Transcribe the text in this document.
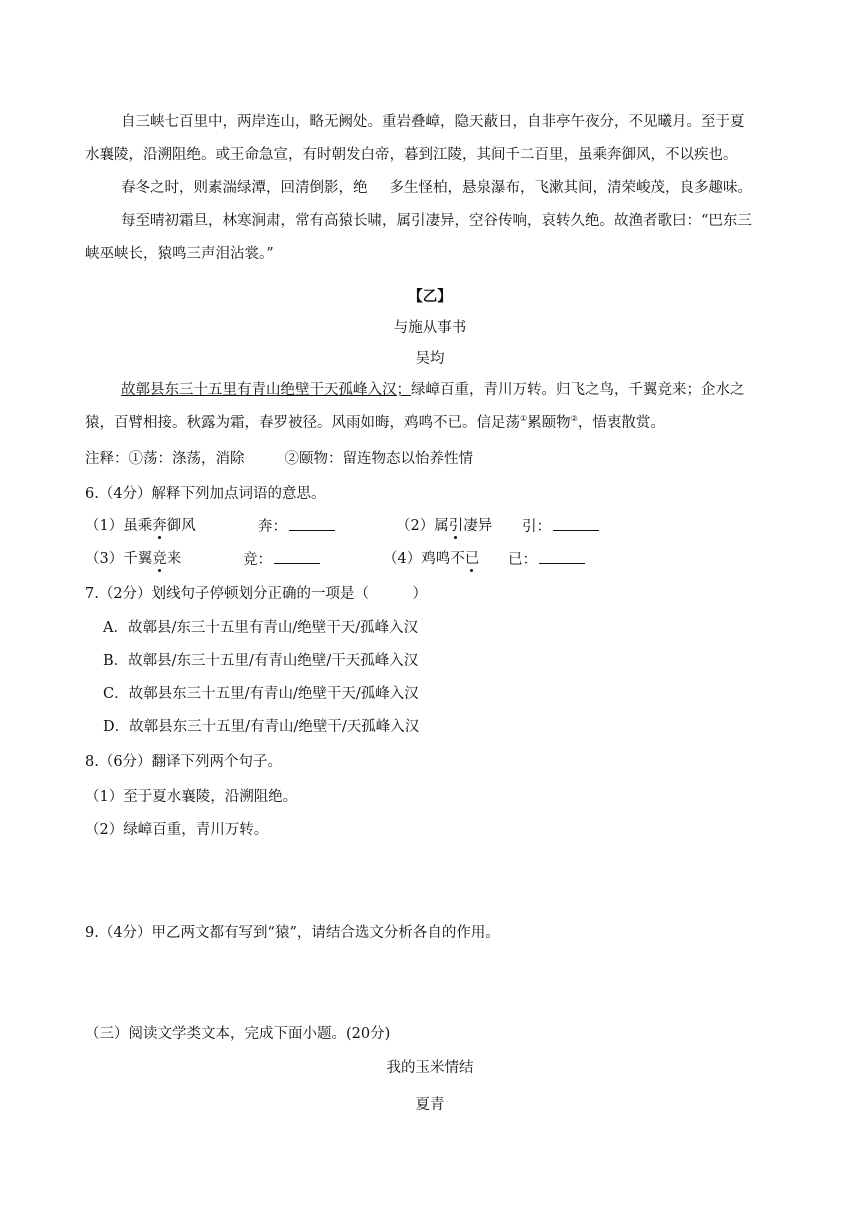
自三峡七百里中，两岸连山，略无阙处。重岩叠嶂，隐天蔽日，自非亭午夜分，不见曦月。至于夏
水襄陵，沿溯阻绝。或王命急宣，有时朝发白帝，暮到江陵，其间千二百里，虽乘奔御风，不以疾也。
春冬之时，则素湍绿潭，回清倒影，绝 多生怪柏，悬泉瀑布，飞漱其间，清荣峻茂，良多趣味。
每至晴初霜旦，林寒涧肃，常有高猿长啸，属引凄异，空谷传响，哀转久绝。故渔者歌曰：“巴东三
峡巫峡长，猿鸣三声泪沾裳。”
【乙】
与施从事书
吴均
故鄣县东三十五里有青山绝壁干天孤峰入汉；绿嶂百重，青川万转。归飞之鸟，千翼竞来；企水之
猿，百臂相接。秋露为霜，春罗被径。风雨如晦，鸡鸣不已。信足荡①累颐物②，悟衷散赏。
注释：①荡：涤荡，消除	②颐物：留连物态以怡养性情
6.（4分）解释下列加点词语的意思。
（1）虽乘奔御风	奔：	（2）属引凄异 引：
（3）千翼竞来	竞：	（4）鸡鸣不已 已：
7.（2分）划线句子停顿划分正确的一项是（　　　）
A．故鄣县/东三十五里有青山/绝壁干天/孤峰入汉
B．故鄣县/东三十五里/有青山绝壁/干天孤峰入汉
C．故鄣县东三十五里/有青山/绝壁干天/孤峰入汉
D．故鄣县东三十五里/有青山/绝壁干/天孤峰入汉
8.（6分）翻译下列两个句子。
（1）至于夏水襄陵，沿溯阻绝。
（2）绿嶂百重，青川万转。
9.（4分）甲乙两文都有写到“猿”，请结合选文分析各自的作用。
（三）阅读文学类文本，完成下面小题。(20分)
我的玉米情结
夏青
